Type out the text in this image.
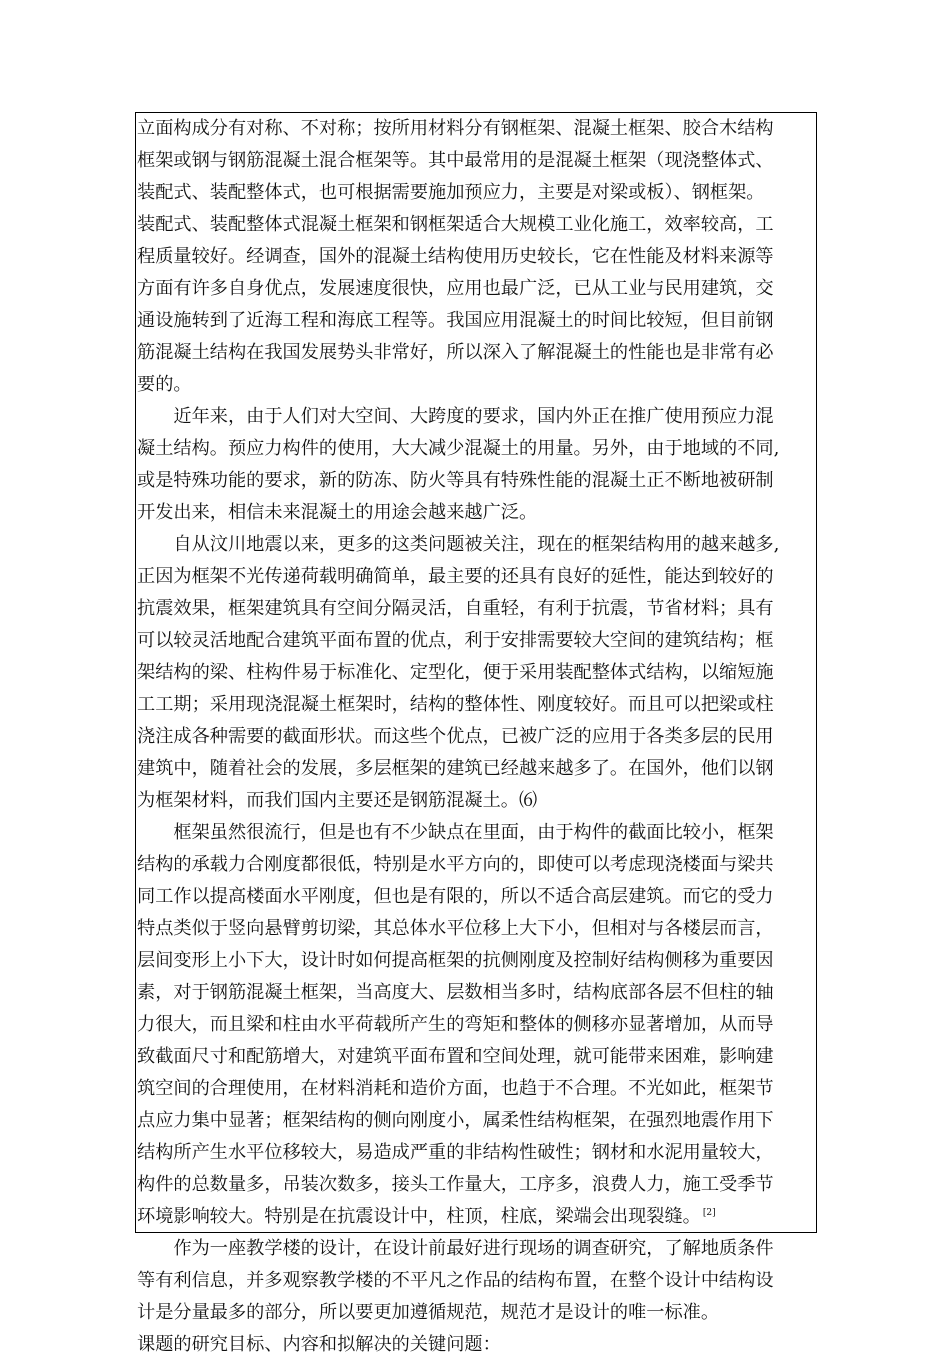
立面构成分有对称、不对称；按所用材料分有钢框架、混凝土框架、胶合木结构
框架或钢与钢筋混凝土混合框架等。其中最常用的是混凝土框架（现浇整体式、
装配式、装配整体式，也可根据需要施加预应力，主要是对梁或板）、钢框架。
装配式、装配整体式混凝土框架和钢框架适合大规模工业化施工，效率较高，工
程质量较好。经调查，国外的混凝土结构使用历史较长，它在性能及材料来源等
方面有许多自身优点，发展速度很快，应用也最广泛，已从工业与民用建筑，交
通设施转到了近海工程和海底工程等。我国应用混凝土的时间比较短，但目前钢
筋混凝土结构在我国发展势头非常好，所以深入了解混凝土的性能也是非常有必
要的。
　　近年来，由于人们对大空间、大跨度的要求，国内外正在推广使用预应力混
凝土结构。预应力构件的使用，大大减少混凝土的用量。另外，由于地域的不同,
或是特殊功能的要求，新的防冻、防火等具有特殊性能的混凝土正不断地被研制
开发出来，相信未来混凝土的用途会越来越广泛。
　　自从汶川地震以来，更多的这类问题被关注，现在的框架结构用的越来越多,
正因为框架不光传递荷载明确简单，最主要的还具有良好的延性，能达到较好的
抗震效果，框架建筑具有空间分隔灵活，自重轻，有利于抗震，节省材料；具有
可以较灵活地配合建筑平面布置的优点，利于安排需要较大空间的建筑结构；框
架结构的梁、柱构件易于标准化、定型化，便于采用装配整体式结构，以缩短施
工工期；采用现浇混凝土框架时，结构的整体性、刚度较好。而且可以把梁或柱
浇注成各种需要的截面形状。而这些个优点，已被广泛的应用于各类多层的民用
建筑中，随着社会的发展，多层框架的建筑已经越来越多了。在国外，他们以钢
为框架材料，而我们国内主要还是钢筋混凝土。⑹
　　框架虽然很流行，但是也有不少缺点在里面，由于构件的截面比较小，框架
结构的承载力合刚度都很低，特别是水平方向的，即使可以考虑现浇楼面与梁共
同工作以提高楼面水平刚度，但也是有限的，所以不适合高层建筑。而它的受力
特点类似于竖向悬臂剪切梁，其总体水平位移上大下小，但相对与各楼层而言，
层间变形上小下大，设计时如何提高框架的抗侧刚度及控制好结构侧移为重要因
素，对于钢筋混凝土框架，当高度大、层数相当多时，结构底部各层不但柱的轴
力很大，而且梁和柱由水平荷载所产生的弯矩和整体的侧移亦显著增加，从而导
致截面尺寸和配筋增大，对建筑平面布置和空间处理，就可能带来困难，影响建
筑空间的合理使用，在材料消耗和造价方面，也趋于不合理。不光如此，框架节
点应力集中显著；框架结构的侧向刚度小，属柔性结构框架，在强烈地震作用下
结构所产生水平位移较大，易造成严重的非结构性破性；钢材和水泥用量较大，
构件的总数量多，吊装次数多，接头工作量大，工序多，浪费人力，施工受季节
环境影响较大。特别是在抗震设计中，柱顶，柱底，梁端会出现裂缝。 [2]
　　作为一座教学楼的设计，在设计前最好进行现场的调查研究，了解地质条件
等有利信息，并多观察教学楼的不平凡之作品的结构布置，在整个设计中结构设
计是分量最多的部分，所以要更加遵循规范，规范才是设计的唯一标准。
课题的研究目标、内容和拟解决的关键问题：
